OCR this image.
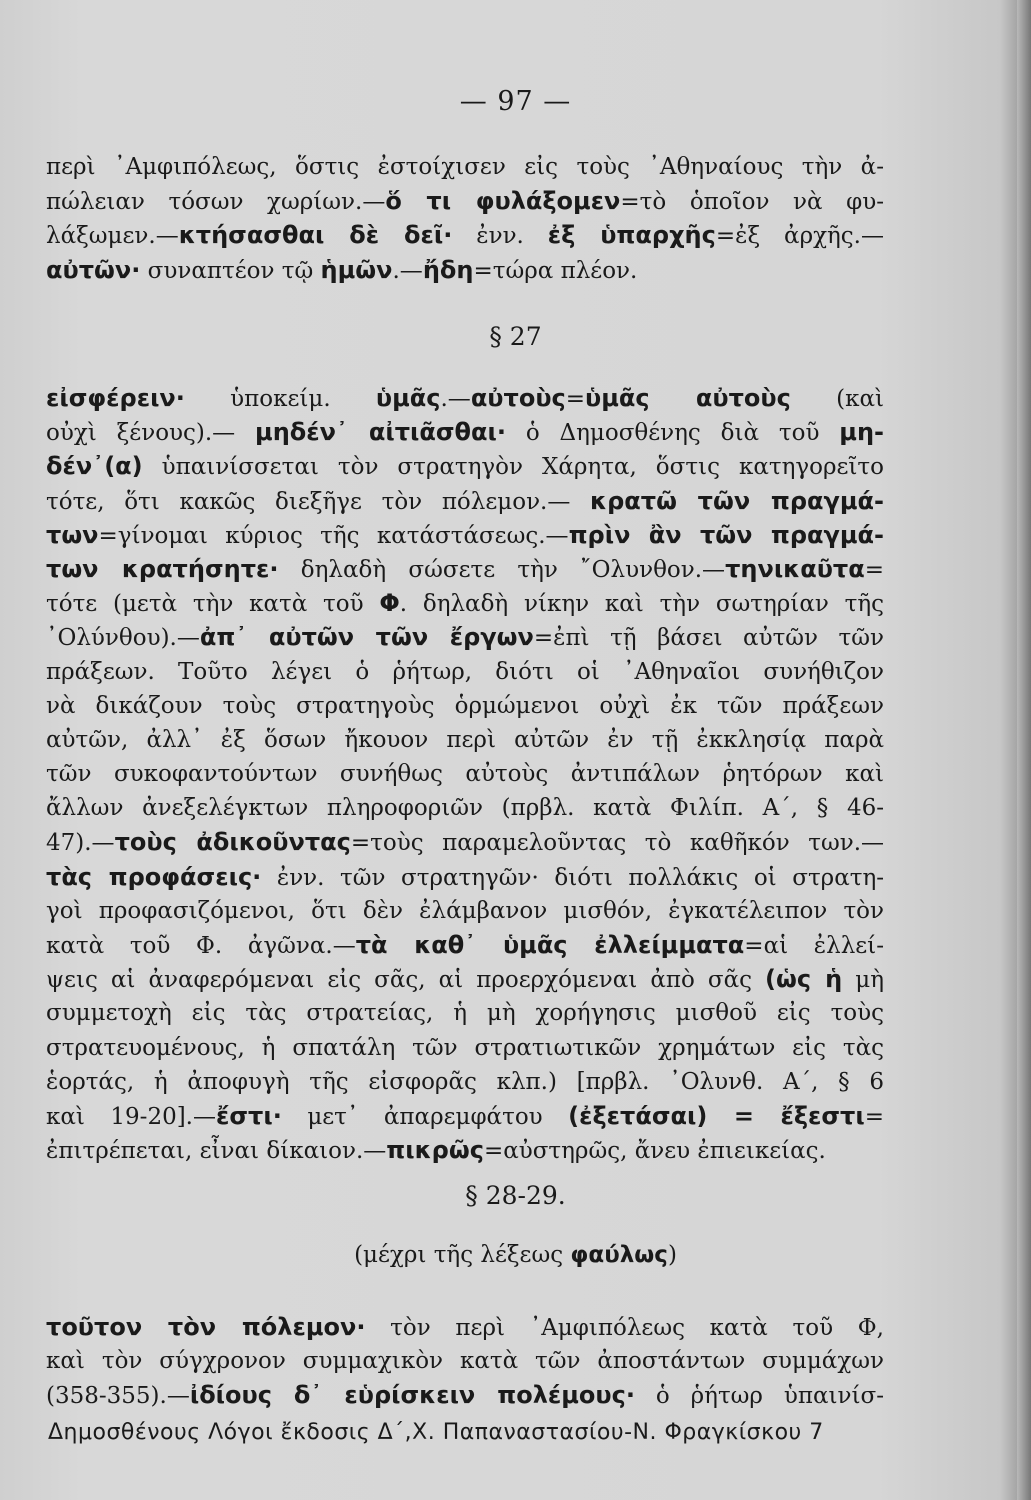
— 97 —
περὶ ᾿Αμφιπόλεως, ὅστις ἐστοίχισεν εἰς τοὺς ᾿Αθηναίους τὴν ἀ-
πώλειαν τόσων χωρίων.—ὅ τι φυλάξομεν=τὸ ὁποῖον νὰ φυ-
λάξωμεν.—κτήσασθαι δὲ δεῖ· ἐνν. ἐξ ὑπαρχῆς=ἐξ ἀρχῆς.—
αὐτῶν· συναπτέον τῷ ἡμῶν.—ἤδη=τώρα πλέον.
§ 27
εἰσφέρειν· ὑποκείμ. ὑμᾶς.—αὐτοὺς=ὑμᾶς αὐτοὺς (καὶ
οὐχὶ ξένους).— μηδέν᾿ αἰτιᾶσθαι· ὁ Δημοσθένης διὰ τοῦ μη-
δέν᾿(α) ὑπαινίσσεται τὸν στρατηγὸν Χάρητα, ὅστις κατηγορεῖτο
τότε, ὅτι κακῶς διεξῆγε τὸν πόλεμον.— κρατῶ τῶν πραγμά-
των=γίνομαι κύριος τῆς κατάστάσεως.—πρὶν ἂν τῶν πραγμά-
των κρατήσητε· δηλαδὴ σώσετε τὴν ῎Ολυνθον.—τηνικαῦτα=
τότε (μετὰ τὴν κατὰ τοῦ Φ. δηλαδὴ νίκην καὶ τὴν σωτηρίαν τῆς
᾿Ολύνθου).—ἀπ᾿ αὐτῶν τῶν ἔργων=ἐπὶ τῇ βάσει αὐτῶν τῶν
πράξεων. Τοῦτο λέγει ὁ ῥήτωρ, διότι οἱ ᾿Αθηναῖοι συνήθιζον
νὰ δικάζουν τοὺς στρατηγοὺς ὁρμώμενοι οὐχὶ ἐκ τῶν πράξεων
αὐτῶν, ἀλλ᾿ ἐξ ὅσων ἤκουον περὶ αὐτῶν ἐν τῇ ἐκκλησίᾳ παρὰ
τῶν συκοφαντούντων συνήθως αὐτοὺς ἀντιπάλων ῥητόρων καὶ
ἄλλων ἀνεξελέγκτων πληροφοριῶν (πρβλ. κατὰ Φιλίπ. Α΄, § 46-
47).—τοὺς ἀδικοῦντας=τοὺς παραμελοῦντας τὸ καθῆκόν των.—
τὰς προφάσεις· ἐνν. τῶν στρατηγῶν· διότι πολλάκις οἱ στρατη-
γοὶ προφασιζόμενοι, ὅτι δὲν ἐλάμβανον μισθόν, ἐγκατέλειπον τὸν
κατὰ τοῦ Φ. ἀγῶνα.—τὰ καθ᾿ ὑμᾶς ἐλλείμματα=αἱ ἐλλεί-
ψεις αἱ ἀναφερόμεναι εἰς σᾶς, αἱ προερχόμεναι ἀπὸ σᾶς (ὡς ἡ μὴ
συμμετοχὴ εἰς τὰς στρατείας, ἡ μὴ χορήγησις μισθοῦ εἰς τοὺς
στρατευομένους, ἡ σπατάλη τῶν στρατιωτικῶν χρημάτων εἰς τὰς
ἑορτάς, ἡ ἀποφυγὴ τῆς εἰσφορᾶς κλπ.) [πρβλ. ᾿Ολυνθ. Α΄, § 6
καὶ 19-20].—ἔστι· μετ᾿ ἀπαρεμφάτου (ἐξετάσαι) = ἔξεστι=
ἐπιτρέπεται, εἶναι δίκαιον.—πικρῶς=αὐστηρῶς, ἄνευ ἐπιεικείας.
§ 28-29.
(μέχρι τῆς λέξεως φαύλως)
τοῦτον τὸν πόλεμον· τὸν περὶ ᾿Αμφιπόλεως κατὰ τοῦ Φ,
καὶ τὸν σύγχρονον συμμαχικὸν κατὰ τῶν ἀποστάντων συμμάχων
(358-355).—ἰδίους δ᾿ εὑρίσκειν πολέμους· ὁ ῥήτωρ ὑπαινίσ-
Δημοσθένους Λόγοι ἔκδοσις Δ΄,Χ. Παπαναστασίου-Ν. Φραγκίσκου 7
